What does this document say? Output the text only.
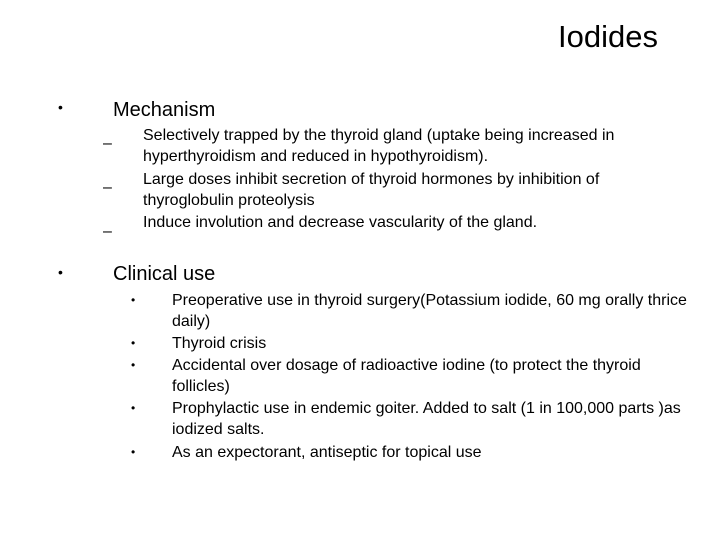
Iodides
•	Mechanism
– Selectively trapped by the thyroid gland (uptake being increased in hyperthyroidism and reduced in hypothyroidism).
– Large doses inhibit secretion of thyroid hormones by inhibition of thyroglobulin proteolysis
–
Induce involution and decrease vascularity of the gland.
•	Clinical use
• Preoperative use in thyroid surgery(Potassium iodide, 60 mg orally thrice daily)
• Thyroid crisis
• Accidental over dosage of radioactive iodine (to protect the thyroid follicles)
• Prophylactic use in endemic goiter. Added to salt (1 in 100,000 parts )as iodized salts.
• As an expectorant, antiseptic for topical use
